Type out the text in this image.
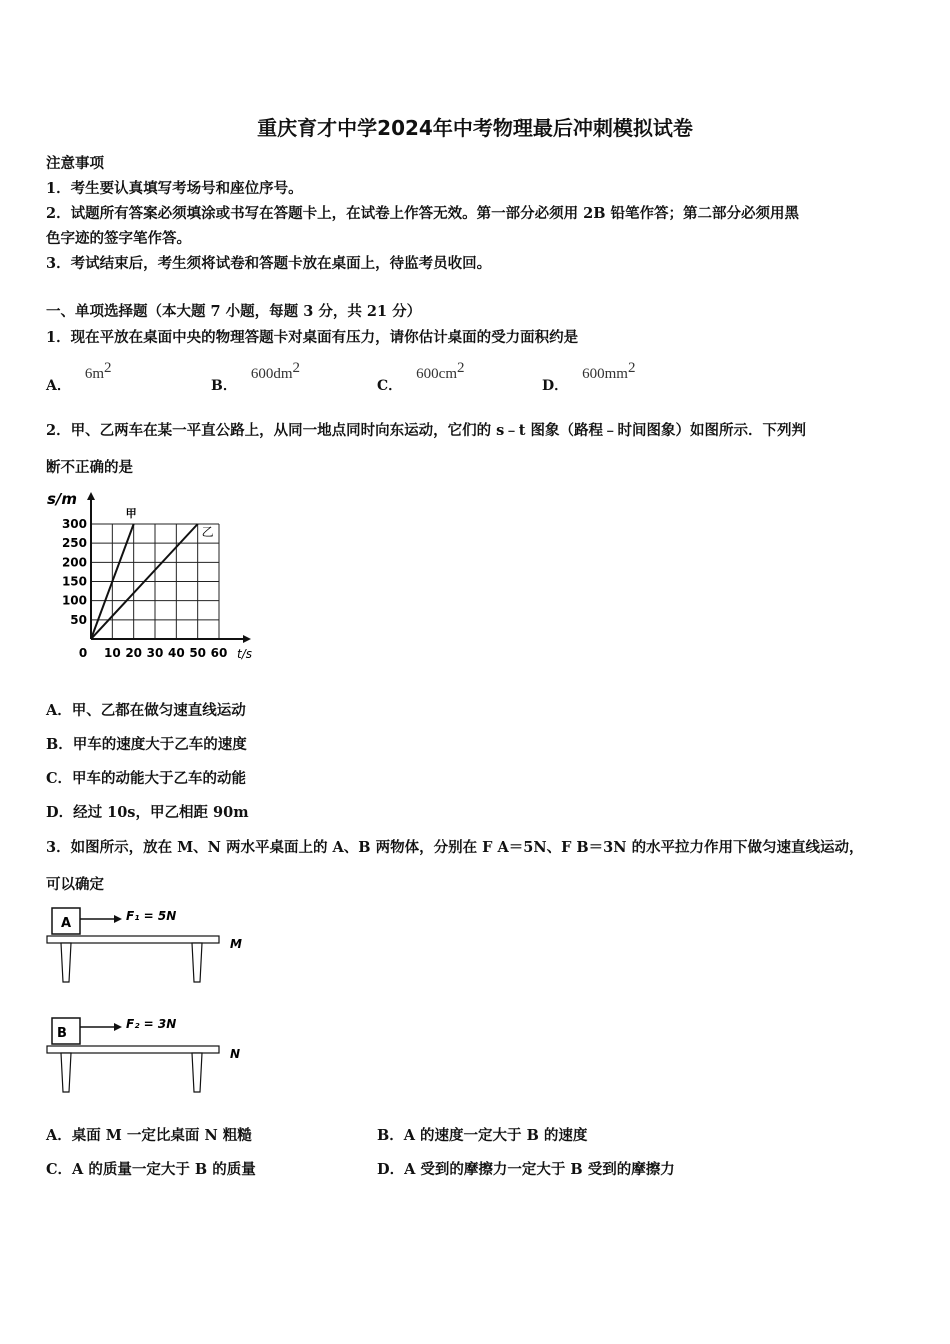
重庆育才中学2024年中考物理最后冲刺模拟试卷
注意事项
1．考生要认真填写考场号和座位序号。
2．试题所有答案必须填涂或书写在答题卡上，在试卷上作答无效。第一部分必须用 2B 铅笔作答；第二部分必须用黑
色字迹的签字笔作答。
3．考试结束后，考生须将试卷和答题卡放在桌面上，待监考员收回。
一、单项选择题（本大题 7 小题，每题 3 分，共 21 分）
1．现在平放在桌面中央的物理答题卡对桌面有压力，请你估计桌面的受力面积约是
A．$6m^2$
B．$600dm^2$
C．$600cm^2$
D．$600mm^2$
2．甲、乙两车在某一平直公路上，从同一地点同时向东运动，它们的 s﹣t 图象（路程﹣时间图象）如图所示．下列判
断不正确的是
0 10 20 30 40 50 60
50
100
150
200
250
300
s/m
t/s
甲
乙
A．甲、乙都在做匀速直线运动
B．甲车的速度大于乙车的速度
C．甲车的动能大于乙车的动能
D．经过 10s，甲乙相距 90m
3．如图所示，放在 M、N 两水平桌面上的 A、B 两物体，分别在 F A＝5N、F B＝3N 的水平拉力作用下做匀速直线运动，
可以确定
A	F₁ = 5N
M
B
F₂ = 3N
N
A．桌面 M 一定比桌面 N 粗糙	B．A 的速度一定大于 B 的速度
C．A 的质量一定大于 B 的质量	D．A 受到的摩擦力一定大于 B 受到的摩擦力
